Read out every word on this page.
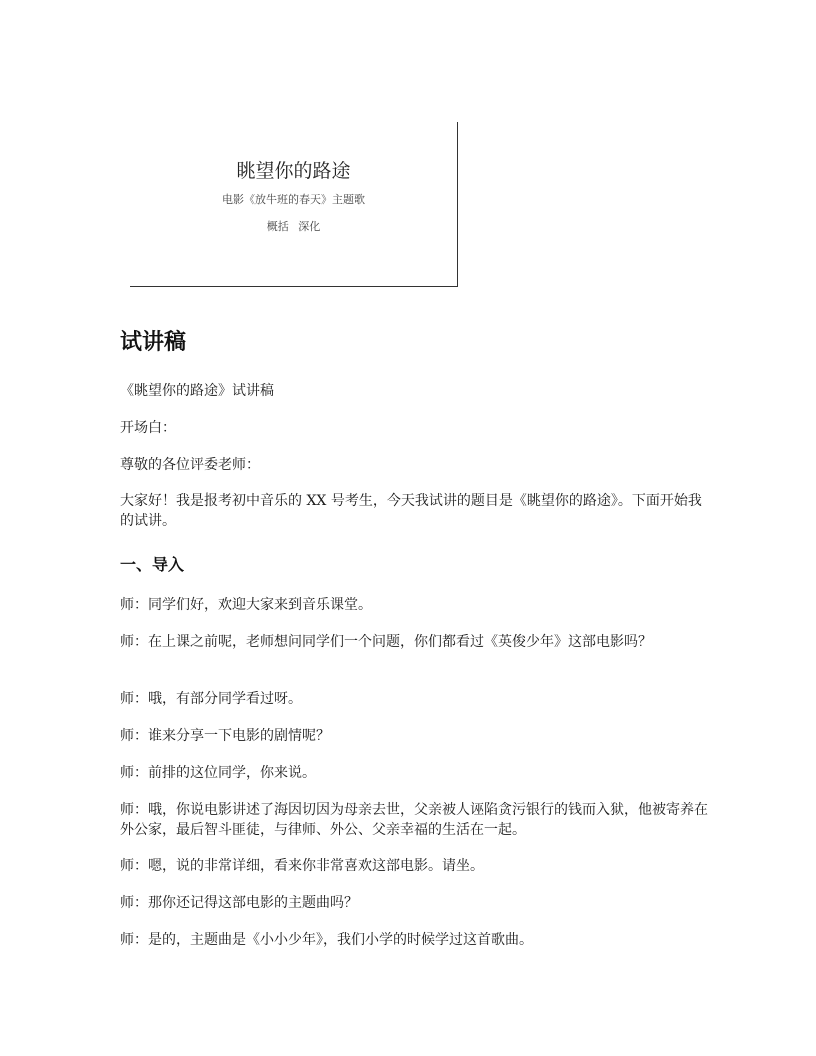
眺望你的路途
电影《放牛班的春天》主题歌
概括 深化
试讲稿

《眺望你的路途》试讲稿

开场白：

尊敬的各位评委老师：

大家好！我是报考初中音乐的 XX 号考生，今天我试讲的题目是《眺望你的路途》。下面开始我的试讲。

一、导入

师：同学们好，欢迎大家来到音乐课堂。

师：在上课之前呢，老师想问同学们一个问题，你们都看过《英俊少年》这部电影吗？

师：哦，有部分同学看过呀。

师：谁来分享一下电影的剧情呢？

师：前排的这位同学，你来说。

师：哦，你说电影讲述了海因切因为母亲去世，父亲被人诬陷贪污银行的钱而入狱，他被寄养在外公家，最后智斗匪徒，与律师、外公、父亲幸福的生活在一起。

师：嗯，说的非常详细，看来你非常喜欢这部电影。请坐。

师：那你还记得这部电影的主题曲吗？

师：是的，主题曲是《小小少年》，我们小学的时候学过这首歌曲。
